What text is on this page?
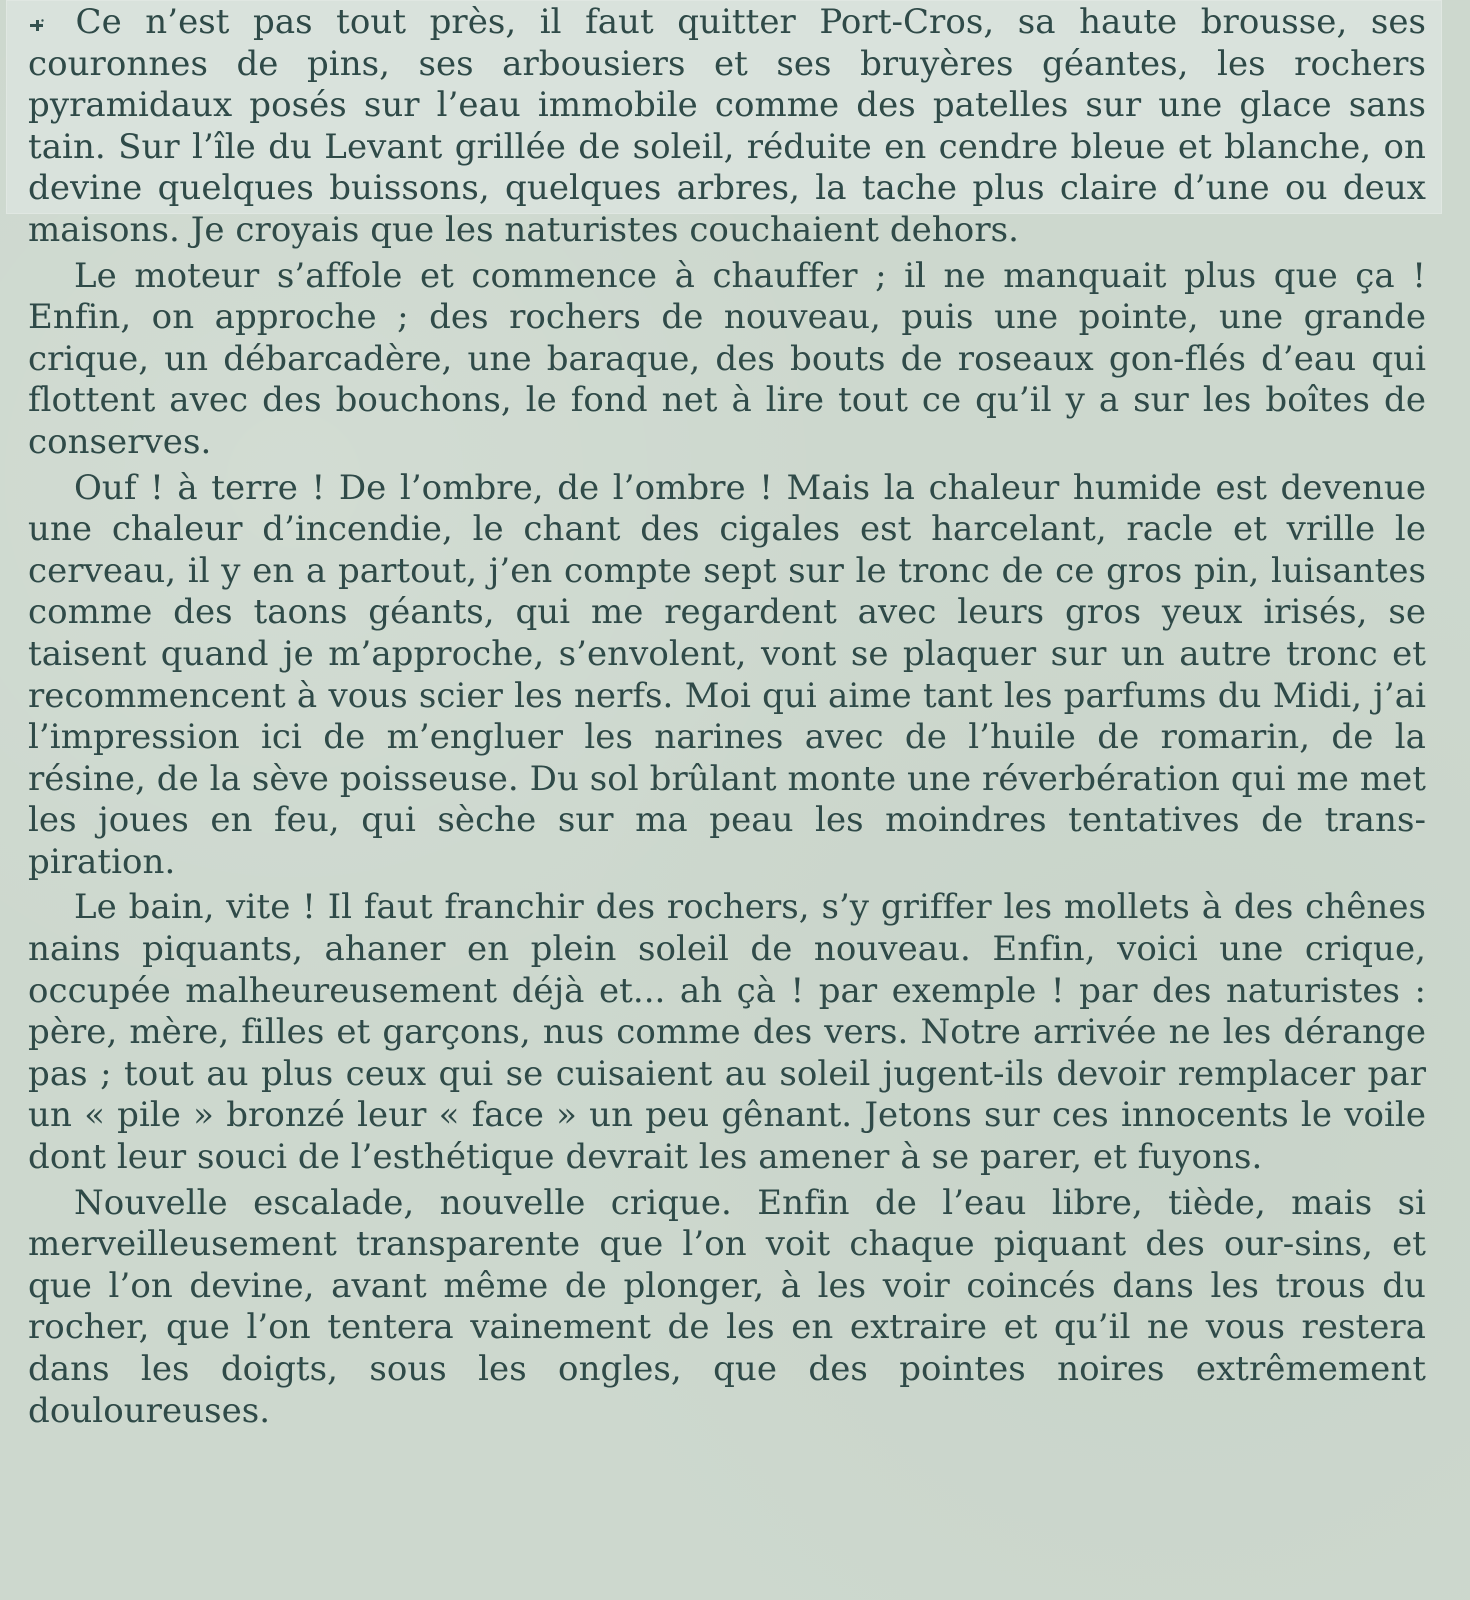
Ce n’est pas tout près, il faut quitter Port-Cros, sa haute brousse, ses couronnes de pins, ses arbousiers et ses bruyères géantes, les rochers pyramidaux posés sur l’eau immobile comme des patelles sur une glace sans tain. Sur l’île du Levant grillée de soleil, réduite en cendre bleue et blanche, on devine quelques buissons, quelques arbres, la tache plus claire d’une ou deux maisons. Je croyais que les naturistes couchaient dehors.

Le moteur s’affole et commence à chauffer ; il ne manquait plus que ça ! Enfin, on approche ; des rochers de nouveau, puis une pointe, une grande crique, un débarcadère, une baraque, des bouts de roseaux gon-flés d’eau qui flottent avec des bouchons, le fond net à lire tout ce qu’il y a sur les boîtes de conserves.

Ouf ! à terre ! De l’ombre, de l’ombre ! Mais la chaleur humide est devenue une chaleur d’incendie, le chant des cigales est harcelant, racle et vrille le cerveau, il y en a partout, j’en compte sept sur le tronc de ce gros pin, luisantes comme des taons géants, qui me regardent avec leurs gros yeux irisés, se taisent quand je m’approche, s’envolent, vont se plaquer sur un autre tronc et recommencent à vous scier les nerfs. Moi qui aime tant les parfums du Midi, j’ai l’impression ici de m’engluer les narines avec de l’huile de romarin, de la résine, de la sève poisseuse. Du sol brûlant monte une réverbération qui me met les joues en feu, qui sèche sur ma peau les moindres tentatives de trans-piration.

Le bain, vite ! Il faut franchir des rochers, s’y griffer les mollets à des chênes nains piquants, ahaner en plein soleil de nouveau. Enfin, voici une crique, occupée malheureusement déjà et... ah çà ! par exemple ! par des naturistes : père, mère, filles et garçons, nus comme des vers. Notre arrivée ne les dérange pas ; tout au plus ceux qui se cuisaient au soleil jugent-ils devoir remplacer par un « pile » bronzé leur « face » un peu gênant. Jetons sur ces innocents le voile dont leur souci de l’esthétique devrait les amener à se parer, et fuyons.

Nouvelle escalade, nouvelle crique. Enfin de l’eau libre, tiède, mais si merveilleusement transparente que l’on voit chaque piquant des our-sins, et que l’on devine, avant même de plonger, à les voir coincés dans les trous du rocher, que l’on tentera vainement de les en extraire et qu’il ne vous restera dans les doigts, sous les ongles, que des pointes noires extrêmement douloureuses.
